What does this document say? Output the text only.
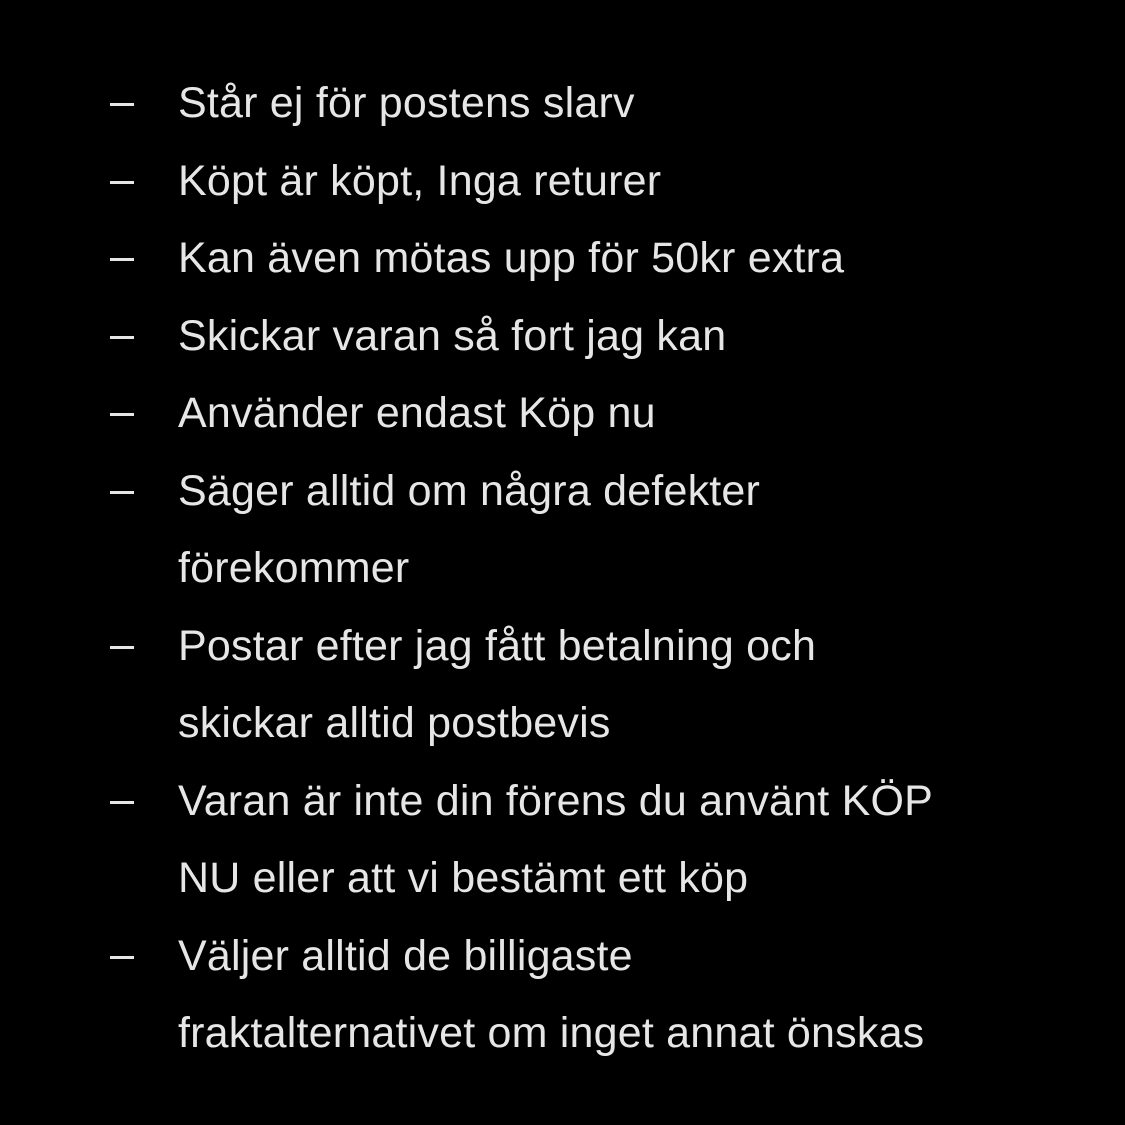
Står ej för postens slarv
Köpt är köpt, Inga returer
Kan även mötas upp för 50kr extra
Skickar varan så fort jag kan
Använder endast Köp nu
Säger alltid om några defekter
förekommer
Postar efter jag fått betalning och
skickar alltid postbevis
Varan är inte din förens du använt KÖP
NU eller att vi bestämt ett köp
Väljer alltid de billigaste
fraktalternativet om inget annat önskas
